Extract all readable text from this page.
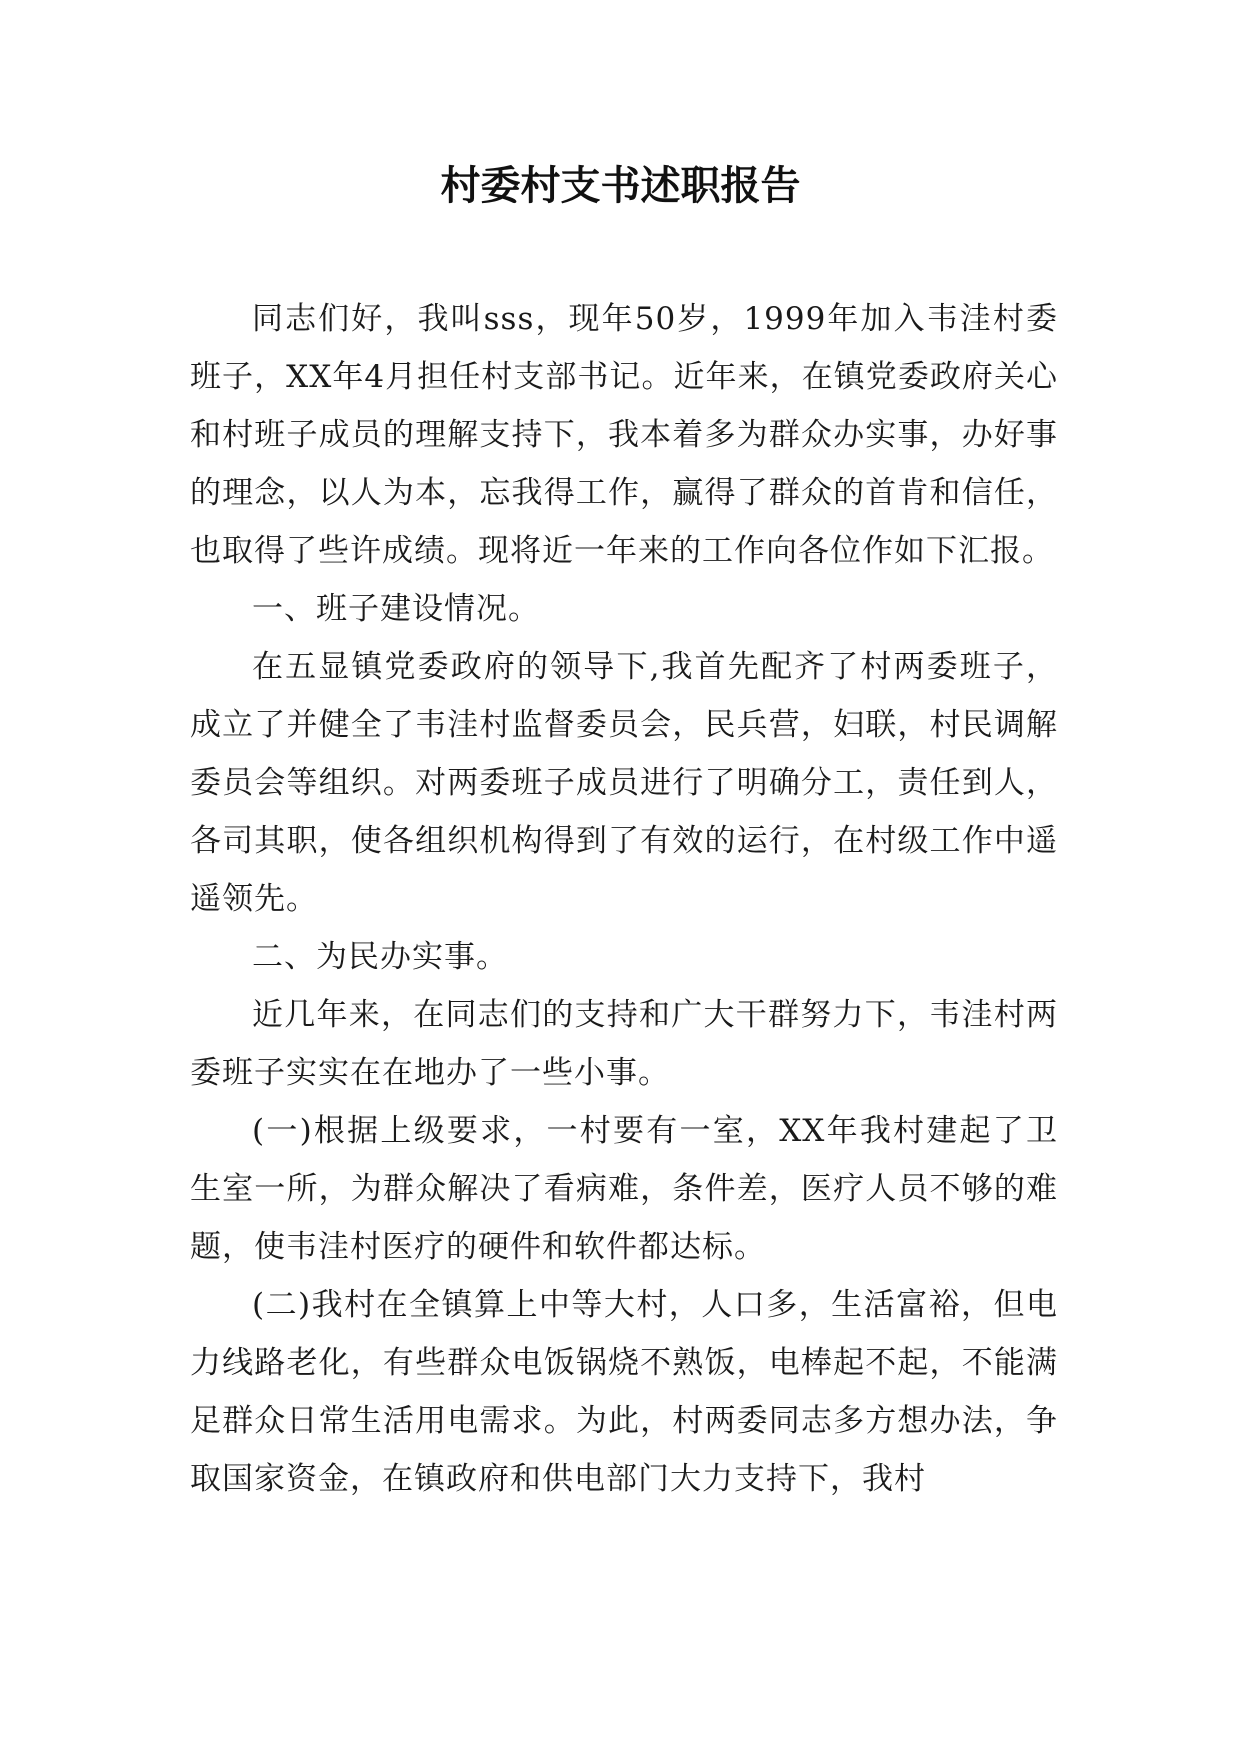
村委村支书述职报告

同志们好，我叫sss，现年50岁，1999年加入韦洼村委班子，XX年4月担任村支部书记。近年来，在镇党委政府关心和村班子成员的理解支持下，我本着多为群众办实事，办好事的理念，以人为本，忘我得工作，赢得了群众的首肯和信任，也取得了些许成绩。现将近一年来的工作向各位作如下汇报。

一、班子建设情况。

在五显镇党委政府的领导下,我首先配齐了村两委班子，成立了并健全了韦洼村监督委员会，民兵营，妇联，村民调解委员会等组织。对两委班子成员进行了明确分工，责任到人，各司其职，使各组织机构得到了有效的运行，在村级工作中遥遥领先。

二、为民办实事。

近几年来，在同志们的支持和广大干群努力下，韦洼村两委班子实实在在地办了一些小事。

(一)根据上级要求，一村要有一室，XX年我村建起了卫生室一所，为群众解决了看病难，条件差，医疗人员不够的难题，使韦洼村医疗的硬件和软件都达标。

(二)我村在全镇算上中等大村，人口多，生活富裕，但电力线路老化，有些群众电饭锅烧不熟饭，电棒起不起，不能满足群众日常生活用电需求。为此，村两委同志多方想办法，争取国家资金，在镇政府和供电部门大力支持下，我村
